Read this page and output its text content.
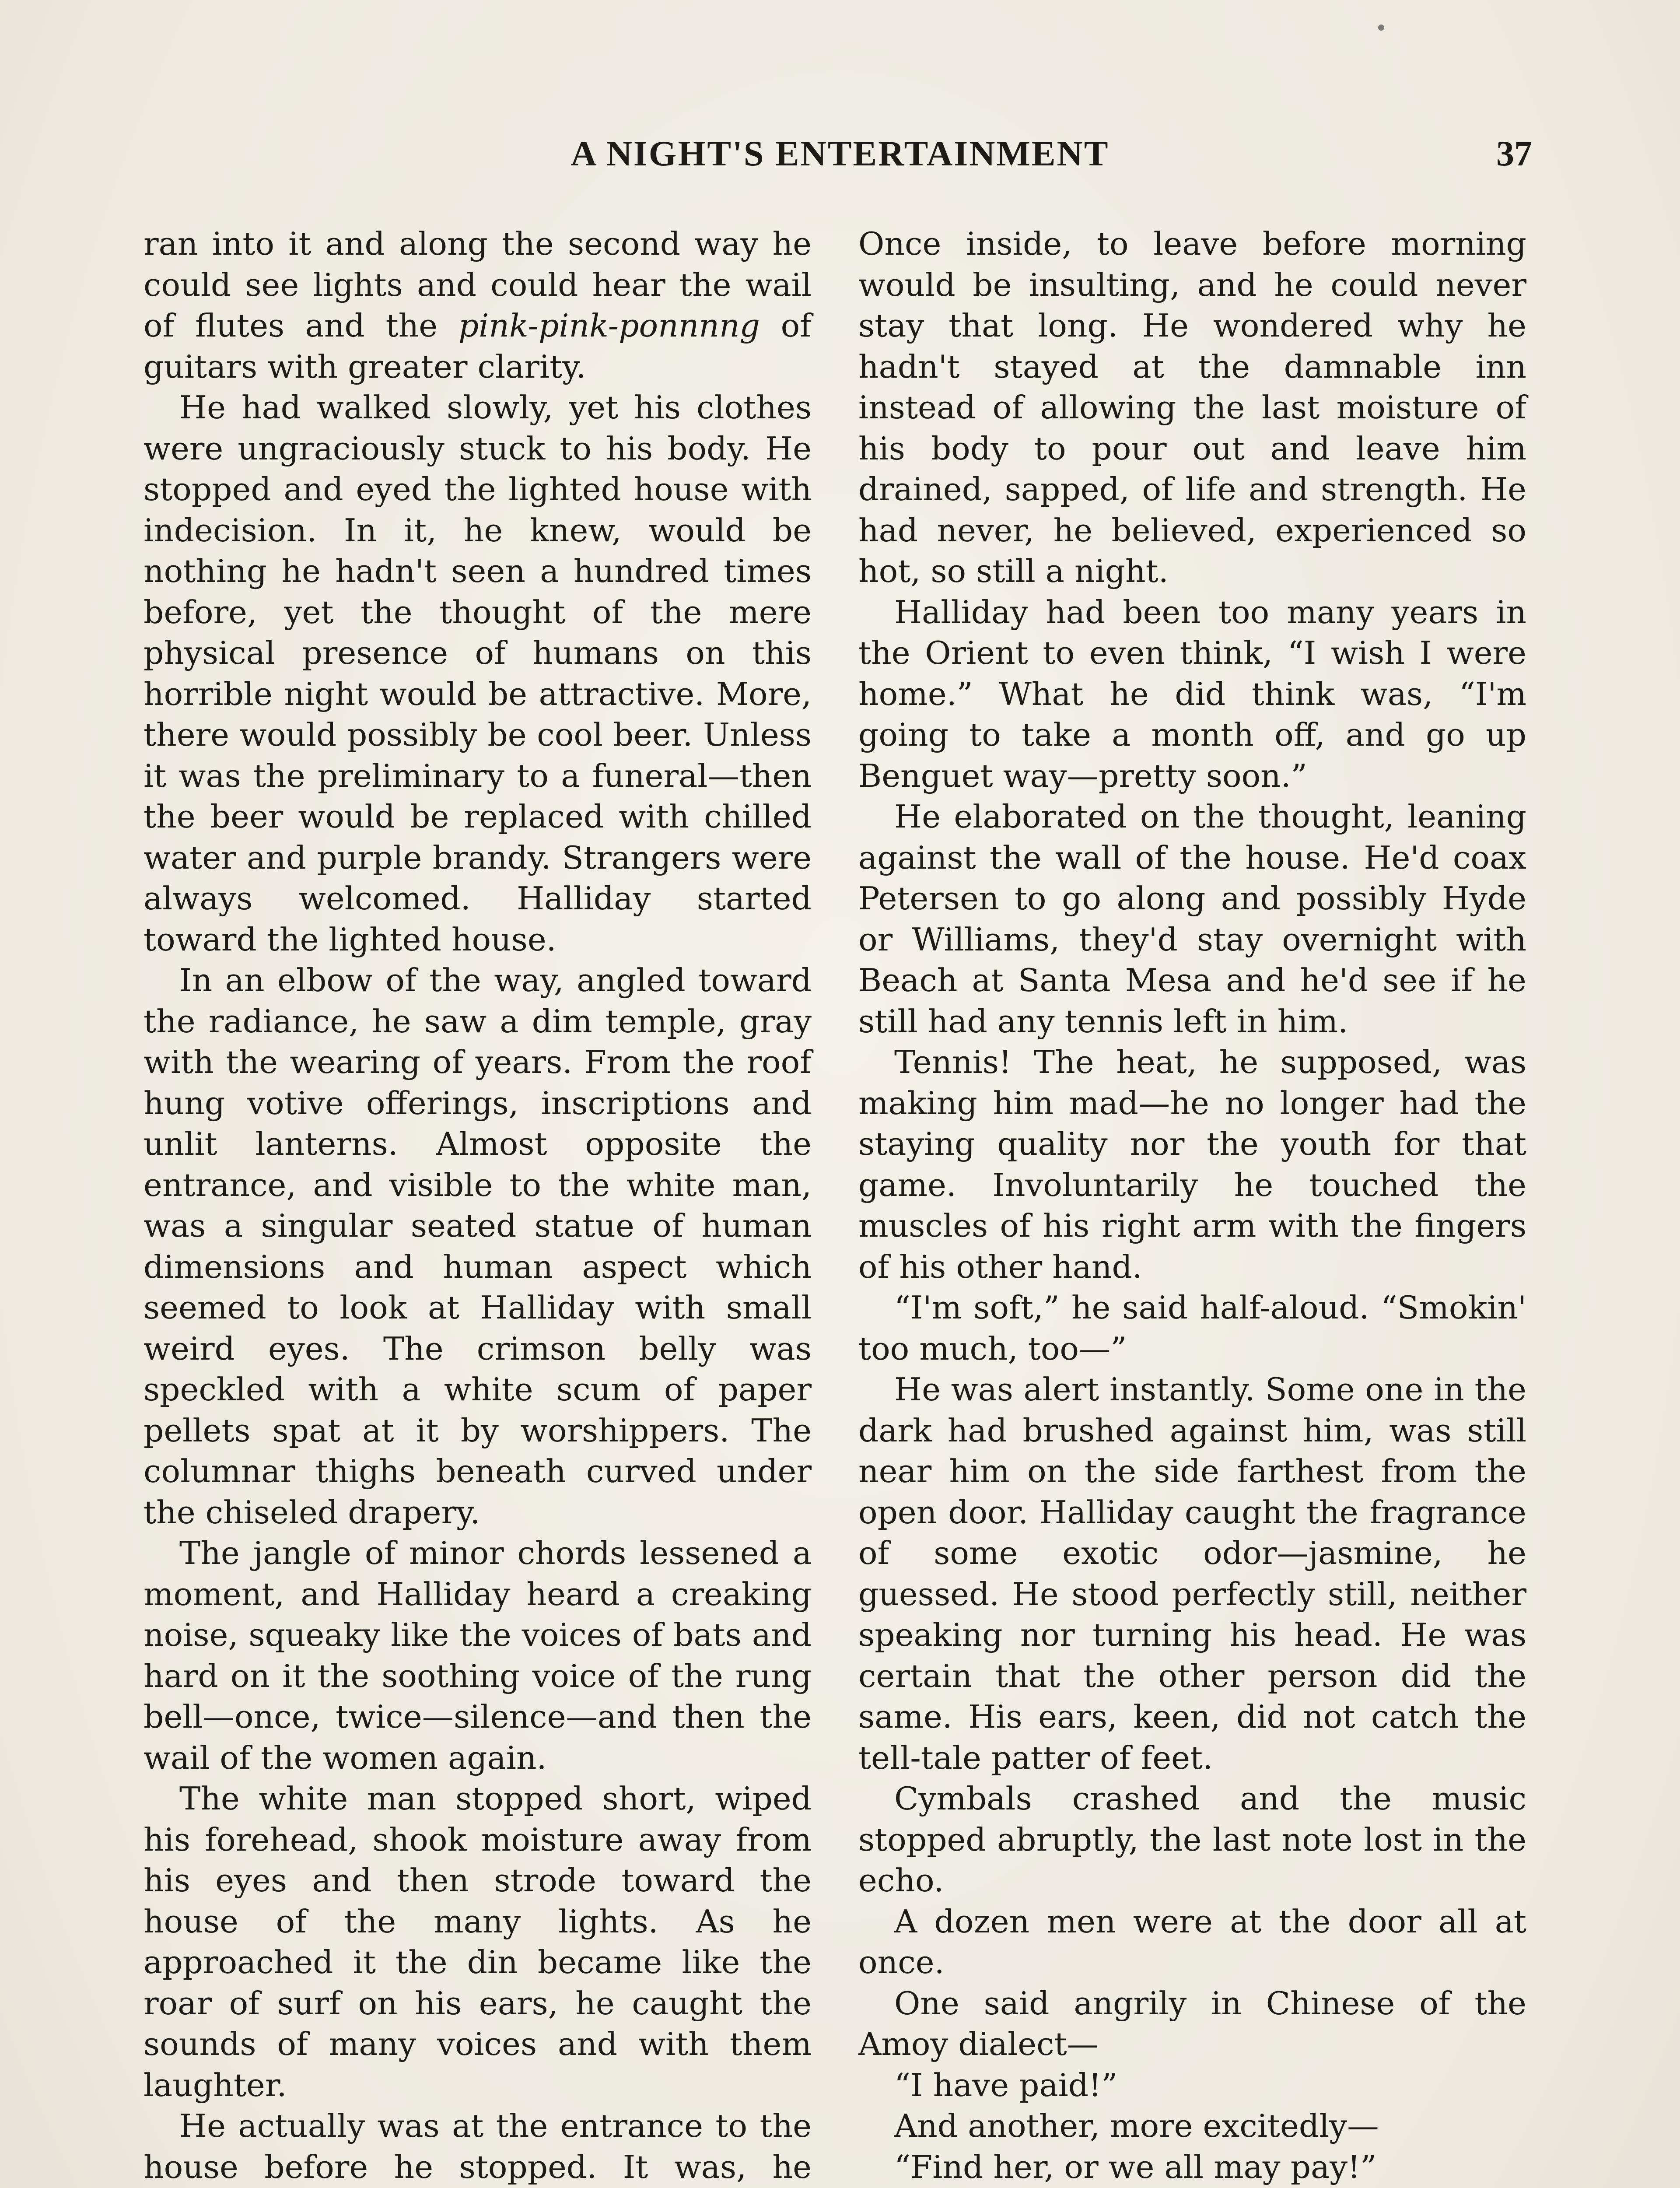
A NIGHT'S ENTERTAINMENT	37

ran into it and along the second way he could see lights and could hear the wail of flutes and the pink-pink-ponnnng of guitars with greater clarity.

He had walked slowly, yet his clothes were ungraciously stuck to his body. He stopped and eyed the lighted house with indecision. In it, he knew, would be nothing he hadn't seen a hundred times before, yet the thought of the mere physical presence of humans on this horrible night would be attractive. More, there would possibly be cool beer. Unless it was the preliminary to a funeral—then the beer would be replaced with chilled water and purple brandy. Strangers were always welcomed. Halliday started toward the lighted house.

In an elbow of the way, angled toward the radiance, he saw a dim temple, gray with the wearing of years. From the roof hung votive offerings, inscriptions and unlit lanterns. Almost opposite the entrance, and visible to the white man, was a singular seated statue of human dimensions and human aspect which seemed to look at Halliday with small weird eyes. The crimson belly was speckled with a white scum of paper pellets spat at it by worshippers. The columnar thighs beneath curved under the chiseled drapery.

The jangle of minor chords lessened a moment, and Halliday heard a creaking noise, squeaky like the voices of bats and hard on it the soothing voice of the rung bell—once, twice—silence—and then the wail of the women again.

The white man stopped short, wiped his forehead, shook moisture away from his eyes and then strode toward the house of the many lights. As he approached it the din became like the roar of surf on his ears, he caught the sounds of many voices and with them laughter.

He actually was at the entrance to the house before he stopped. It was, he

Once inside, to leave before morning would be insulting, and he could never stay that long. He wondered why he hadn't stayed at the damnable inn instead of allowing the last moisture of his body to pour out and leave him drained, sapped, of life and strength. He had never, he believed, experienced so hot, so still a night.

Halliday had been too many years in the Orient to even think, “I wish I were home.” What he did think was, “I'm going to take a month off, and go up Benguet way—pretty soon.”

He elaborated on the thought, leaning against the wall of the house. He'd coax Petersen to go along and possibly Hyde or Williams, they'd stay overnight with Beach at Santa Mesa and he'd see if he still had any tennis left in him.

Tennis! The heat, he supposed, was making him mad—he no longer had the staying quality nor the youth for that game. Involuntarily he touched the muscles of his right arm with the fingers of his other hand.

“I'm soft,” he said half-aloud. “Smokin' too much, too—”

He was alert instantly. Some one in the dark had brushed against him, was still near him on the side farthest from the open door. Halliday caught the fragrance of some exotic odor—jasmine, he guessed. He stood perfectly still, neither speaking nor turning his head. He was certain that the other person did the same. His ears, keen, did not catch the tell-tale patter of feet.

Cymbals crashed and the music stopped abruptly, the last note lost in the echo.

A dozen men were at the door all at once.

One said angrily in Chinese of the Amoy dialect—

“I have paid!”

And another, more excitedly—

“Find her, or we all may pay!”
